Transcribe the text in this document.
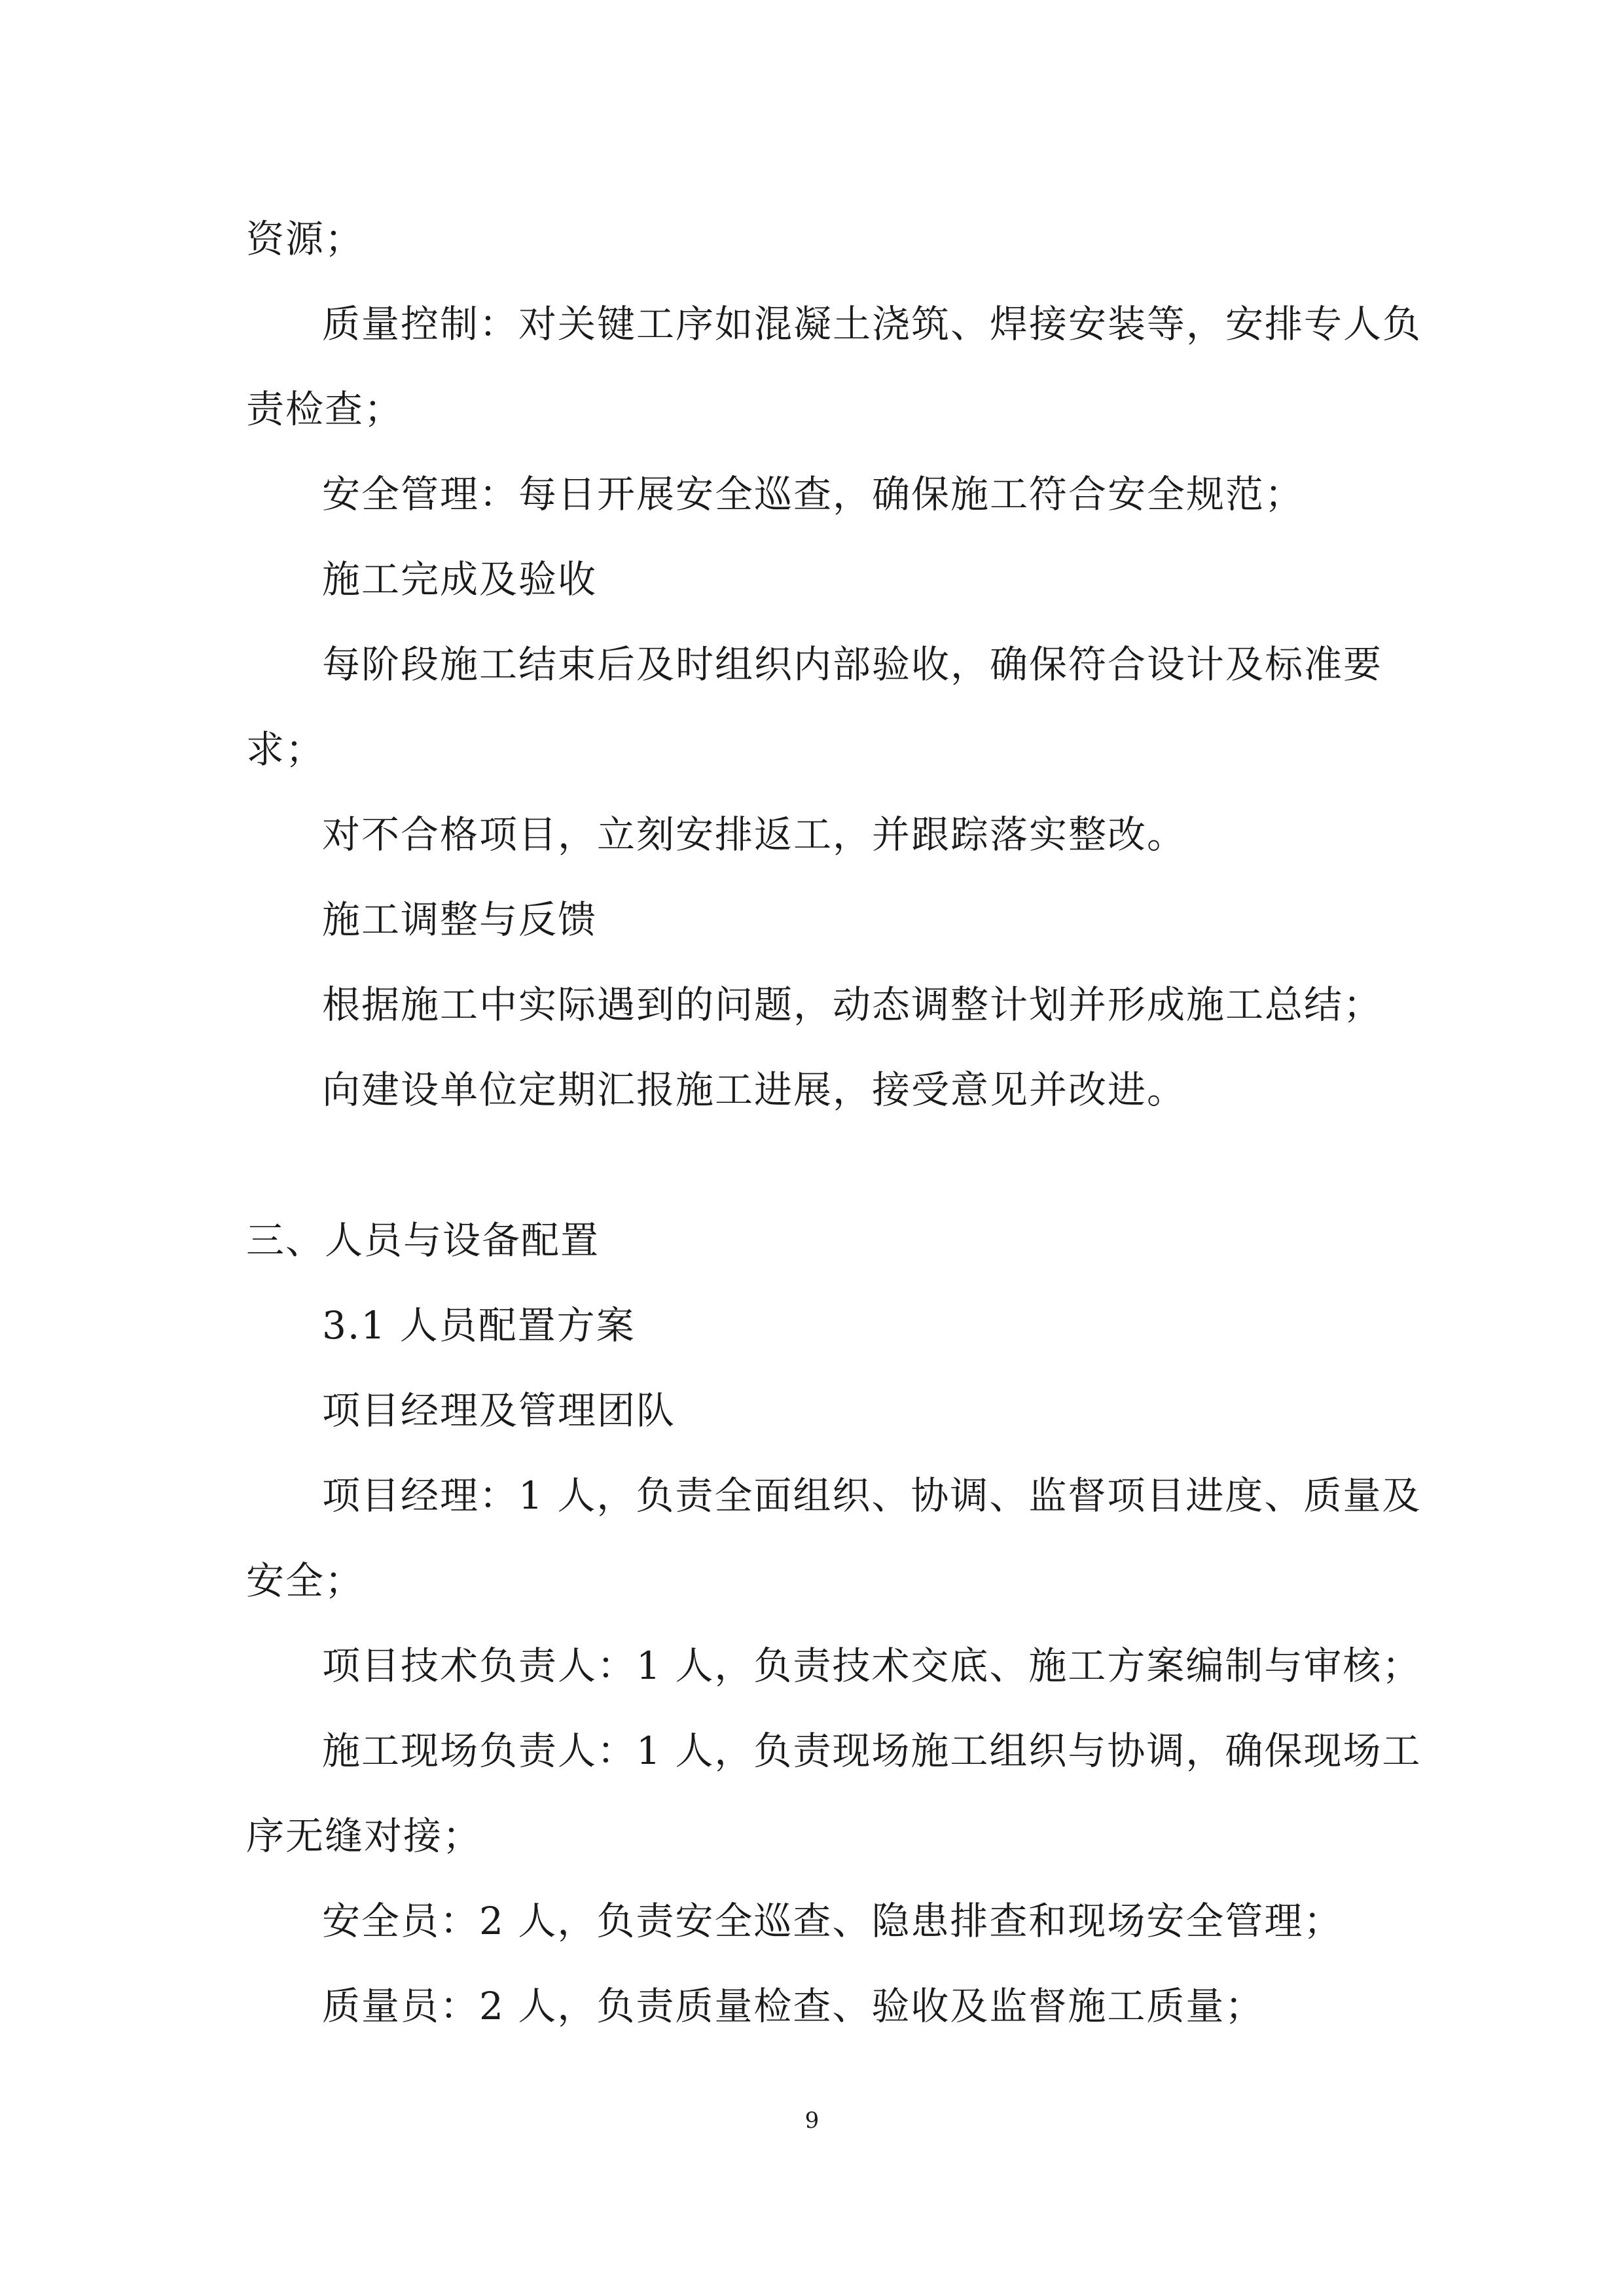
资源；
质量控制：对关键工序如混凝土浇筑、焊接安装等，安排专人负
责检查；
安全管理：每日开展安全巡查，确保施工符合安全规范；
施工完成及验收
每阶段施工结束后及时组织内部验收，确保符合设计及标准要
求；
对不合格项目，立刻安排返工，并跟踪落实整改。
施工调整与反馈
根据施工中实际遇到的问题，动态调整计划并形成施工总结；
向建设单位定期汇报施工进展，接受意见并改进。
三、人员与设备配置
3.1 人员配置方案
项目经理及管理团队
项目经理：1 人，负责全面组织、协调、监督项目进度、质量及
安全；
项目技术负责人：1 人，负责技术交底、施工方案编制与审核；
施工现场负责人：1 人，负责现场施工组织与协调，确保现场工
序无缝对接；
安全员：2 人，负责安全巡查、隐患排查和现场安全管理；
质量员：2 人，负责质量检查、验收及监督施工质量；
9
